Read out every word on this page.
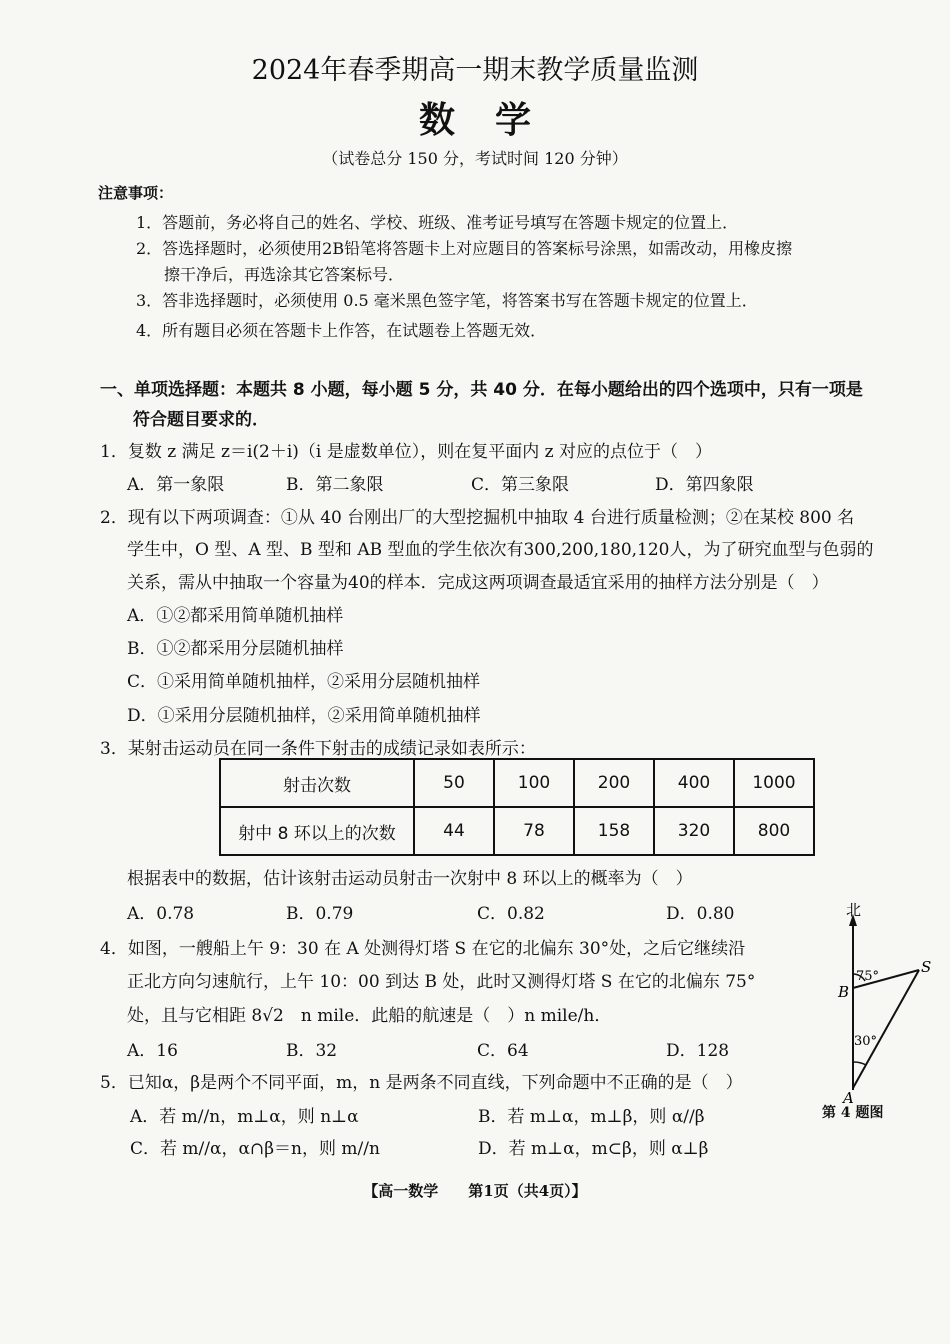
2024年春季期高一期末教学质量监测
数学
（试卷总分 150 分，考试时间 120 分钟）
注意事项：
1．答题前，务必将自己的姓名、学校、班级、准考证号填写在答题卡规定的位置上．
2．答选择题时，必须使用2B铅笔将答题卡上对应题目的答案标号涂黑，如需改动，用橡皮擦
擦干净后，再选涂其它答案标号．
3．答非选择题时，必须使用 0.5 毫米黑色签字笔，将答案书写在答题卡规定的位置上．
4．所有题目必须在答题卡上作答，在试题卷上答题无效．
一、单项选择题：本题共 8 小题，每小题 5 分，共 40 分．在每小题给出的四个选项中，只有一项是
符合题目要求的．
1．复数 z 满足 z＝i(2＋i)（i 是虚数单位），则在复平面内 z 对应的点位于（　）
A．第一象限	B．第二象限	C．第三象限	D．第四象限
2．现有以下两项调查：①从 40 台刚出厂的大型挖掘机中抽取 4 台进行质量检测；②在某校 800 名
学生中，O 型、A 型、B 型和 AB 型血的学生依次有300,200,180,120人，为了研究血型与色弱的
关系，需从中抽取一个容量为40的样本．完成这两项调查最适宜采用的抽样方法分别是（　）
A．①②都采用简单随机抽样
B．①②都采用分层随机抽样
C．①采用简单随机抽样，②采用分层随机抽样
D．①采用分层随机抽样，②采用简单随机抽样
3．某射击运动员在同一条件下射击的成绩记录如表所示：
射击次数	50	100	200	400	1000
射中 8 环以上的次数	44	78	158	320	800
根据表中的数据，估计该射击运动员射击一次射中 8 环以上的概率为（　）
A．0.78	B．0.79	C．0.82	D．0.80
4．如图，一艘船上午 9：30 在 A 处测得灯塔 S 在它的北偏东 30°处，之后它继续沿
正北方向匀速航行，上午 10：00 到达 B 处，此时又测得灯塔 S 在它的北偏东 75°
处，且与它相距 8√2　n mile．此船的航速是（　）n mile/h．
A．16	B．32	C．64	D．128
北
75°
30°
B
S
A
第 4 题图
5．已知α，β是两个不同平面，m，n 是两条不同直线，下列命题中不正确的是（　）
A．若 m//n，m⊥α，则 n⊥α	B．若 m⊥α，m⊥β，则 α//β
C．若 m//α，α∩β＝n，则 m//n	D．若 m⊥α，m⊂β，则 α⊥β
【高一数学　　第1页（共4页）】
